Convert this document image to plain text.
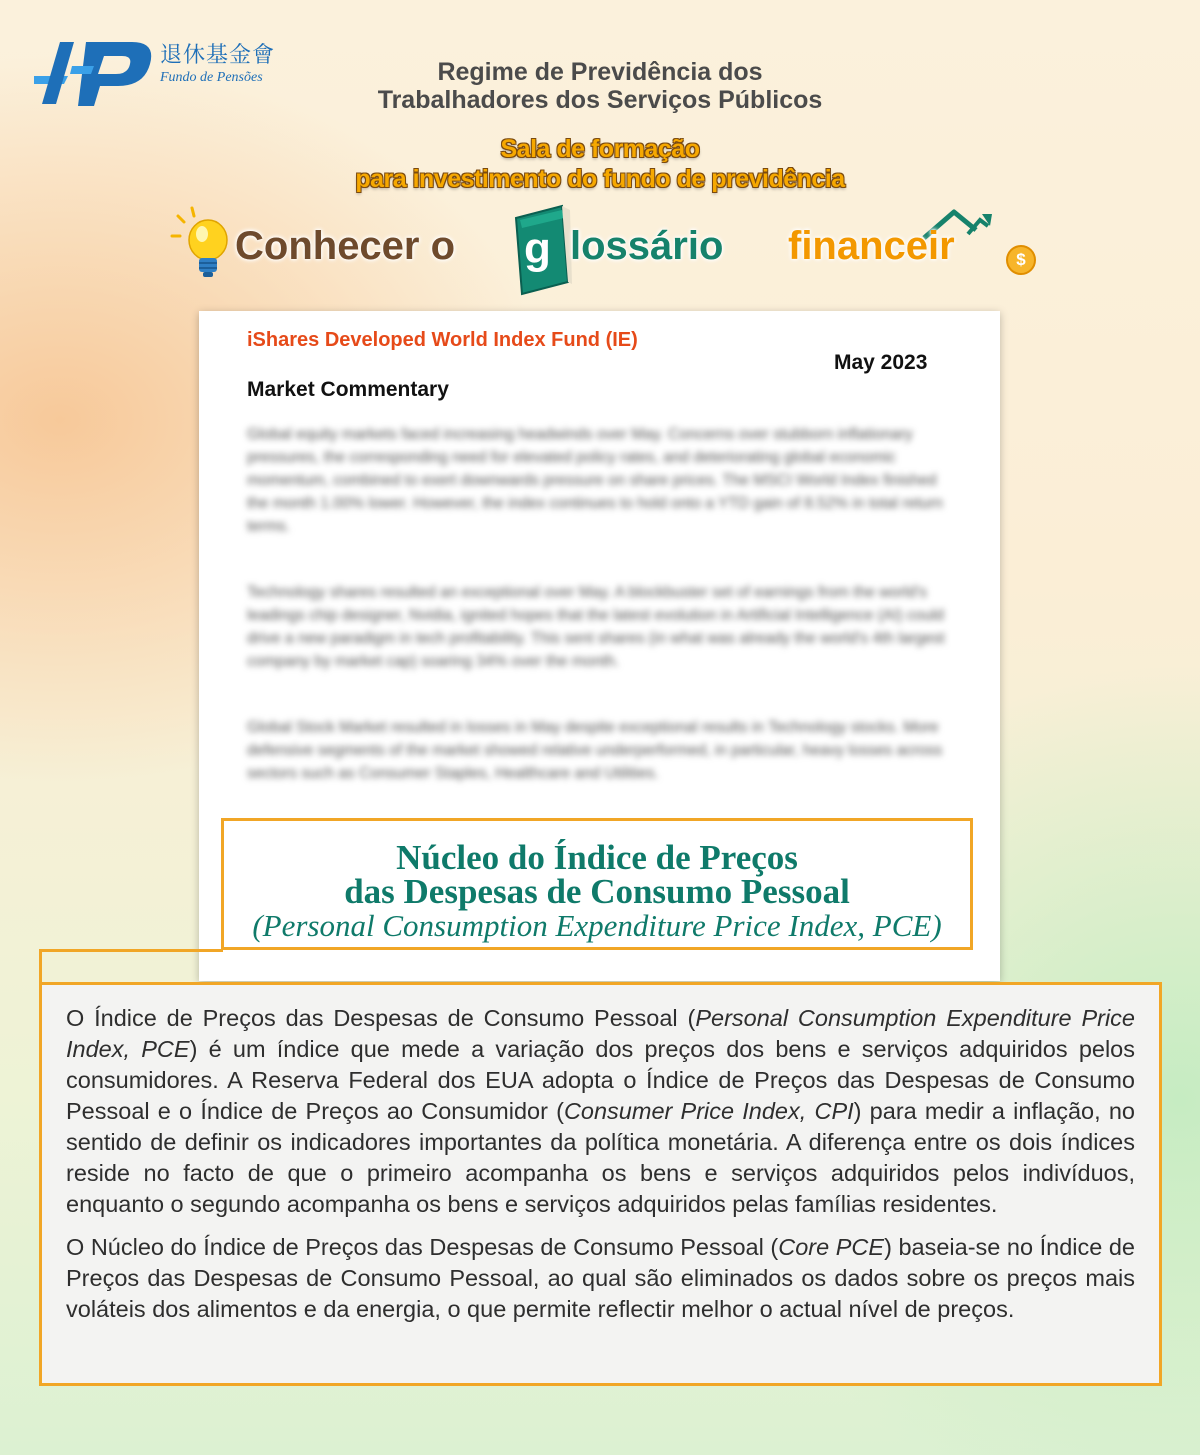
退休基金會
Fundo de Pensões	Regime de Previdência dos
Trabalhadores dos Serviços Públicos
Sala de formação
para investimento do fundo de previdência
Conhecer o g lossário financeir	$
iShares Developed World Index Fund (IE)
May 2023
Market Commentary

Global equity markets faced increasing headwinds over May. Concerns over stubborn inflationary pressures, the corresponding need for elevated policy rates, and deteriorating global economic momentum, combined to exert downwards pressure on share prices. The MSCI World Index finished the month 1.00% lower. However, the index continues to hold onto a YTD gain of 8.52% in total return terms.

Technology shares resulted an exceptional over May. A blockbuster set of earnings from the world's leadings chip designer, Nvidia, ignited hopes that the latest evolution in Artificial Intelligence (AI) could drive a new paradigm in tech profitability. This sent shares (in what was already the world's 4th largest company by market cap) soaring 34% over the month.

Global Stock Market resulted in losses in May despite exceptional results in Technology stocks. More defensive segments of the market showed relative underperformed, in particular, heavy losses across sectors such as Consumer Staples, Healthcare and Utilities.

Núcleo do Índice de Preços
das Despesas de Consumo Pessoal
(Personal Consumption Expenditure Price Index, PCE)

O Índice de Preços das Despesas de Consumo Pessoal (Personal Consumption Expenditure Price Index, PCE) é um índice que mede a variação dos preços dos bens e serviços adquiridos pelos consumidores. A Reserva Federal dos EUA adopta o Índice de Preços das Despesas de Consumo Pessoal e o Índice de Preços ao Consumidor (Consumer Price Index, CPI) para medir a inflação, no sentido de definir os indicadores importantes da política monetária. A diferença entre os dois índices reside no facto de que o primeiro acompanha os bens e serviços adquiridos pelos indivíduos, enquanto o segundo acompanha os bens e serviços adquiridos pelas famílias residentes.

O Núcleo do Índice de Preços das Despesas de Consumo Pessoal (Core PCE) baseia-se no Índice de Preços das Despesas de Consumo Pessoal, ao qual são eliminados os dados sobre os preços mais voláteis dos alimentos e da energia, o que permite reflectir melhor o actual nível de preços.
